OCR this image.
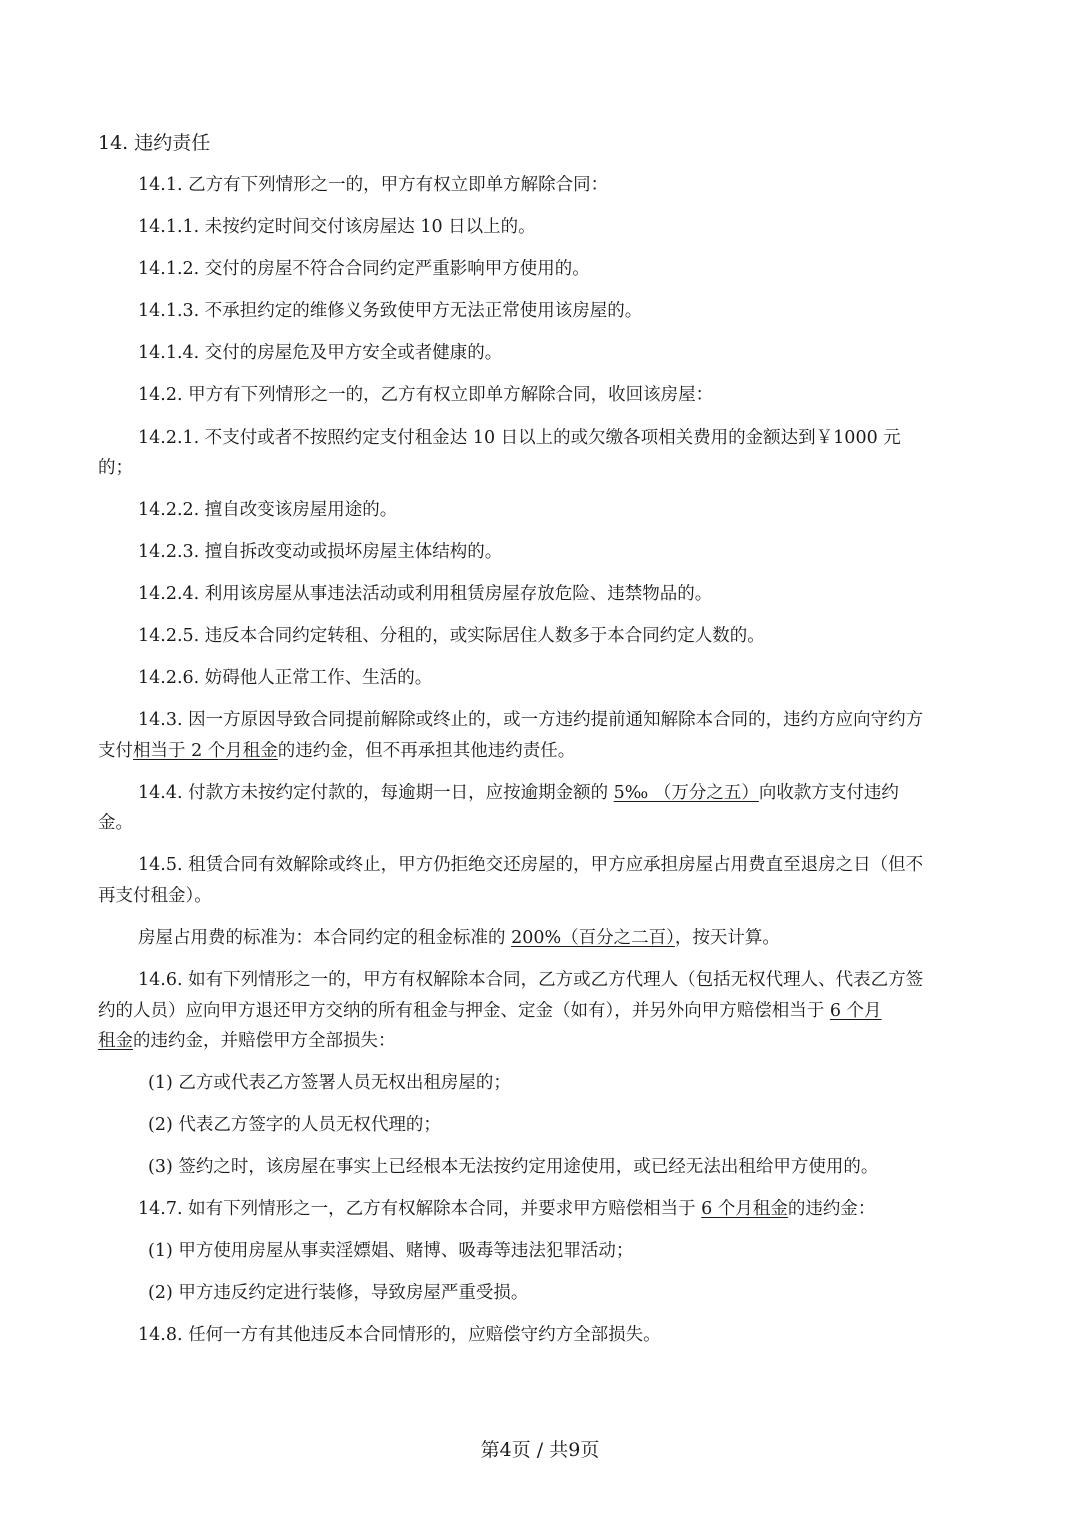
14. 违约责任
14.1. 乙方有下列情形之一的，甲方有权立即单方解除合同：
14.1.1. 未按约定时间交付该房屋达 10 日以上的。
14.1.2. 交付的房屋不符合合同约定严重影响甲方使用的。
14.1.3. 不承担约定的维修义务致使甲方无法正常使用该房屋的。
14.1.4. 交付的房屋危及甲方安全或者健康的。
14.2. 甲方有下列情形之一的，乙方有权立即单方解除合同，收回该房屋：
14.2.1. 不支付或者不按照约定支付租金达 10 日以上的或欠缴各项相关费用的金额达到￥1000 元
的；
14.2.2. 擅自改变该房屋用途的。
14.2.3. 擅自拆改变动或损坏房屋主体结构的。
14.2.4. 利用该房屋从事违法活动或利用租赁房屋存放危险、违禁物品的。
14.2.5. 违反本合同约定转租、分租的，或实际居住人数多于本合同约定人数的。
14.2.6. 妨碍他人正常工作、生活的。
14.3. 因一方原因导致合同提前解除或终止的，或一方违约提前通知解除本合同的，违约方应向守约方
支付相当于 2 个月租金的违约金，但不再承担其他违约责任。
14.4. 付款方未按约定付款的，每逾期一日，应按逾期金额的 5‰ （万分之五）向收款方支付违约
金。
14.5. 租赁合同有效解除或终止，甲方仍拒绝交还房屋的，甲方应承担房屋占用费直至退房之日（但不
再支付租金）。
房屋占用费的标准为：本合同约定的租金标准的 200%（百分之二百），按天计算。
14.6. 如有下列情形之一的，甲方有权解除本合同，乙方或乙方代理人（包括无权代理人、代表乙方签
约的人员）应向甲方退还甲方交纳的所有租金与押金、定金（如有），并另外向甲方赔偿相当于 6 个月
租金的违约金，并赔偿甲方全部损失：
(1) 乙方或代表乙方签署人员无权出租房屋的；
(2) 代表乙方签字的人员无权代理的；
(3) 签约之时，该房屋在事实上已经根本无法按约定用途使用，或已经无法出租给甲方使用的。
14.7. 如有下列情形之一，乙方有权解除本合同，并要求甲方赔偿相当于 6 个月租金的违约金：
(1) 甲方使用房屋从事卖淫嫖娼、赌博、吸毒等违法犯罪活动；
(2) 甲方违反约定进行装修，导致房屋严重受损。
14.8. 任何一方有其他违反本合同情形的，应赔偿守约方全部损失。
第4页 / 共9页
